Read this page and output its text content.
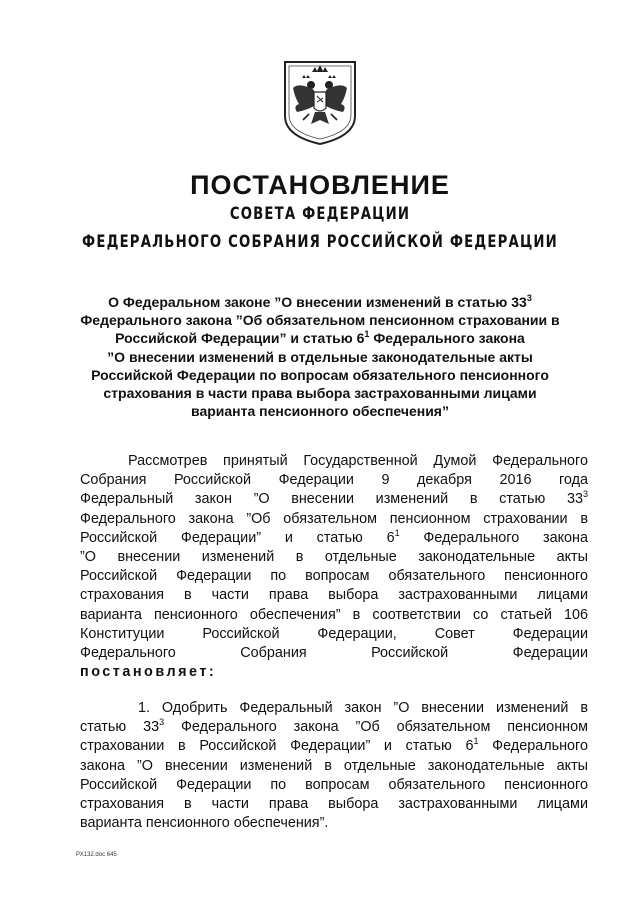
ПОСТАНОВЛЕНИЕ
СОВЕТА ФЕДЕРАЦИИ
ФЕДЕРАЛЬНОГО СОБРАНИЯ РОССИЙСКОЙ ФЕДЕРАЦИИ
О Федеральном законе ”О внесении изменений в статью $33^3$
Федерального закона ”Об обязательном пенсионном страховании в
Российской Федерации” и статью $6^1$ Федерального закона
”О внесении изменений в отдельные законодательные акты
Российской Федерации по вопросам обязательного пенсионного
страхования в части права выбора застрахованными лицами
варианта пенсионного обеспечения”
Рассмотрев принятый Государственной Думой Федерального
Собрания Российской Федерации 9 декабря 2016 года
Федеральный закон ”О внесении изменений в статью $33^3$
Федерального закона ”Об обязательном пенсионном страховании в
Российской Федерации” и статью $6^1$ Федерального закона
”О внесении изменений в отдельные законодательные акты
Российской Федерации по вопросам обязательного пенсионного
страхования в части права выбора застрахованными лицами
варианта пенсионного обеспечения” в соответствии со статьей 106
Конституции Российской Федерации, Совет Федерации
Федерального Собрания Российской Федерации
постановляет:
1. Одобрить Федеральный закон ”О внесении изменений в
статью $33^3$ Федерального закона ”Об обязательном пенсионном
страховании в Российской Федерации” и статью $6^1$ Федерального
закона ”О внесении изменений в отдельные законодательные акты
Российской Федерации по вопросам обязательного пенсионного
страхования в части права выбора застрахованными лицами
варианта пенсионного обеспечения”.
РХ132.doc 645
